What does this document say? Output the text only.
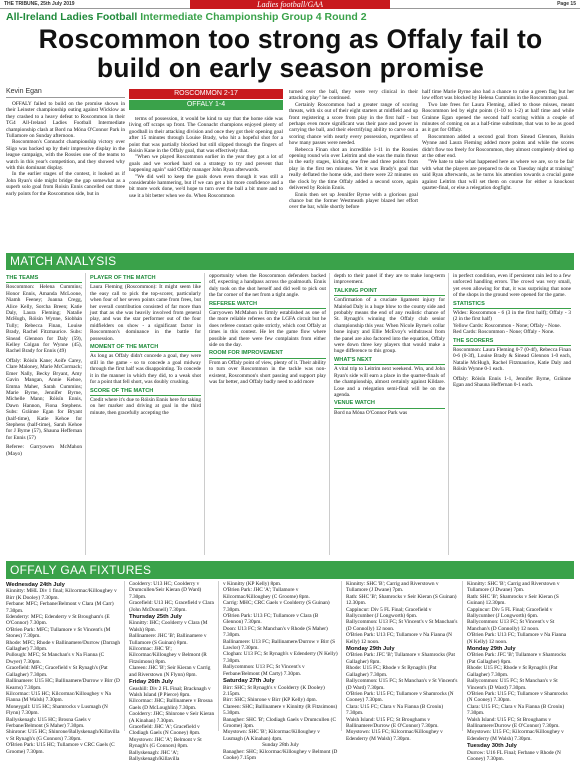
THE TRIBUNE, 25th July 2019	Ladies football/GAA	Page 15
All-Ireland Ladies Football Intermediate Championship Group 4 Round 2
Roscommon too strong as Offaly fail to build on early season promise
Kevin Egan

OFFALY failed to build on the promise shown in their Leinster championship outing against Wicklow as they crashed to a heavy defeat to Roscommon in their TG4 All-Ireland Ladies Football Intermediate championship clash at Bord na Móna O'Connor Park in Tullamore on Sunday afternoon.

Roscommon's Connacht championship victory over Sligo was backed up by their impressive display in the league campaign, with the Rossies one of the teams to watch in this year's competition, and they showed why with this dominant display.

In the earlier stages of the contest, it looked as if John Ryan's side might bridge the gap somewhat as a superb solo goal from Roisin Ennis cancelled out three early points for the Roscommon side, but in

ROSCOMMON 2-17
OFFALY 1-4

terms of possession, it would be kind to say that the home side was living off scraps up front. The Connacht champions enjoyed plenty of goodball in their attacking division and once they got their opening goal after 15 minutes through Louise Brady, who hit a hopeful shot for a point that was partially blocked but still slipped through the fingers of Roisin Kane in the Offaly goal, that was effectively that.

"When we played Roscommon earlier in the year they got a lot of goals and we worked hard on a strategy to try and prevent that happening again" said Offaly manager John Ryan afterwards.

"We did well to keep the goals down even though it was still a considerable hammering, but if we can get a bit more confidence and a bit more work done, we'd hope to turn over the ball a bit more and to use it a bit better when we do. When Roscommon

turned over the ball, they were very clinical in their attacking play" he continued.

Certainly Roscommon had a greater range of scoring threats, with six out of their eight starters at midfield and up front registering a score from play in the first half - but perhaps even more significant was their pace and power in carrying the ball, and their electrifying ability to carve out a scoring chance with nearly every possession, regardless of how many passes were needed.

Rebecca Finan shot an incredible 1-11 in the Rossies opening round win over Leitrim and she was the main threat in the early stages, kicking one free and three points from play in the first ten minutes. Yet it was Brady's goal that really deflated the home side, and there were 22 minutes on the clock by the time Offaly added a second score, again delivered by Roisin Ennis.

Ennis then set up Jennifer Byrne with a glorious goal chance but the former Westmeath player blazed her effort over the bar, while shortly before

half time Marie Byrne also had a chance to raise a green flag but her low effort was blocked by Helena Cummins in the Roscommon goal.

Two late frees for Laura Fleming, allied to those misses, meant Roscommon led by eight points (1-10 to 1-2) at half time and while Grainne Egan opened the second half scoring within a couple of minutes of coming on as a half-time substitute, that was to be as good as it got for Offaly.

Roscommon added a second goal from Sinead Glennon, Roisin Wynne and Laura Fleming added more points and while the scores didn't flow too freely for Roscommon, they almost completely dried up at the other end.

"We hate to take what happened here as where we are, so to be fair with what the players are prepared to do on Tuesday night at training" said Ryan afterwards, as he turns his attention towards a crucial game against Leitrim that will set them on course for either a knockout quarter-final, or else a relegation dogfight.

MATCH ANALYSIS
THE TEAMS

Roscommon: Helena Cummins; Honor Ennis, Amanda McLoone, Niamh Feeney; Joanna Cregg, Alice Kelly, Sorcha Breen; Katie Daly, Laura Fleming; Natalie McHugh, Róisín Wynne, Siobhán Tully; Rebecca Finan, Louise Brady, Rachel Fitzmaurice. Subs: Sinead Glennon for Daly (59), Kelley Colgan for Wynne (45), Rachel Brady for Ennis (49)

Offaly: Róisín Kane; Aoife Carey, Clare Maloney, Marie McCormack; Emer Nally, Becky Bryant, Amy Gavin Mangan, Annie Kehoe, Emma Maher, Sarah Cummins; Marie Byrne, Jennifer Byrne, Michelle Mann; Róisín Ennis, Dawn Hannon, Fiona Stephens. Subs: Gráinne Egan for Bryant (half-time), Katie Kehoe for Stephens (half-time), Sarah Kehoe for J Byrne (57), Shauna Heffernan for Ennis (57)

Referee: Garryowen McMahon (Mayo)

PLAYER OF THE MATCH

Laura Fleming (Roscommon): It might seem like the easy call to pick the top-scorer, particularly when four of her seven points came from frees, but her overall contribution consisted of far more than just that as she was heavily involved from general play, and was the star performer out of the four midfielders on show - a significant factor in Roscommon's dominance in the battle for possession.

MOMENT OF THE MATCH

As long as Offaly didn't concede a goal, they were still in the game - so to concede a goal midway through the first half was disappointing. To concede it in the manner in which they did, to a weak shot for a point that fell short, was doubly crushing.

SCORE OF THE MATCH

Credit where it's due to Róisín Ennis here for taking on her marker and driving at goal in the third minute, then gracefully accepting the

opportunity when the Roscommon defenders backed off, expecting a handpass across the goalmouth. Ennis duly took on the shot herself and did well to pick out the far corner of the net from a tight angle.

REFEREE WATCH

Garryowen McMahon is firmly established as one of the more reliable referees on the LGFA circuit but he does referee contact quite strictly, which cost Offaly at times in this contest. He let the game flow where possible and there were few complaints from either side on the day.

ROOM FOR IMPROVEMENT

From an Offaly point of view, plenty of it. Their ability to turn over Roscommon in the tackle was non-existent, Roscommon's short passing and support play was far better, and Offaly badly need to add more

depth to their panel if they are to make long-term improvement.

TALKING POINT

Confirmation of a cruciate ligament injury for Mairéad Daly is a huge blow to the county side and probably means the end of any realistic chance of St. Rynagh's winning the Offaly club senior championship this year. When Nicole Byrne's collar bone injury and Ellie McEvoy's withdrawal from the panel are also factored into the equation, Offaly were down three key players that would make a huge difference to this group.

WHAT'S NEXT

A vital trip to Leitrim next weekend. Win, and John Ryan's side will earn a place in the quarter-finals of the championship, almost certainly against Kildare. Lose and a relegation semi-final will be on the agenda.

VENUE WATCH

Bord na Móna O'Connor Park was

in perfect condition, even if persistent rain led to a few unforced handling errors. The crowd was very small, yet even allowing for that, it was surprising that none of the shops in the ground were opened for the game.

STATISTICS

Wides: Roscommon - 6 (3 in the first half); Offaly - 3 (2 in the first half)

Yellow Cards: Roscommon - None; Offaly - None.

Red Cards: Roscommon - None; Offaly - None.

THE SCORERS

Roscommon: Laura Fleming 0-7 (0-4f), Rebecca Finan 0-6 (0-3f), Louise Brady & Sinead Glennon 1-0 each, Natalie McHugh, Rachel Fitzmaurice, Katie Daly and Róisín Wynne 0-1 each.

Offaly: Róisín Ennis 1-1, Jennifer Byrne, Gráinne Egan and Shauna Heffernan 0-1 each.

OFFALY GAA FIXTURES
Wednesday 24th July
Kinnitty: MHL Div 1 final; Kilcormac/Killoughey v Birr (K Dooley) 7.30pm.
Ferbane: MFC; Ferbane/Belmont v Clara (M Carr) 7.30pm.
Edenderry: MFC; Edenderry v St Brougham's (E O'Connor) 7.30pm.
O'Brien Park: MFC; Tullamore v St Vincent's (M Stones) 7.30pm.
Rhode: MFC; Rhode v Ballinamere/Durrow (Darragh Gallagher) 7.30pm.
Pullough: MFC; St Manchan's v Na Fianna (C Dwyer) 7.30pm.
Gracefield: MFC; Gracefield v St Rynagh's (Pat Gallagher) 7.30pm.
Ballinamere: U15 HC; Ballinamere/Durrow v Birr (D Kearns) 7.30pm.
Kilcormac: U15 HC; Kilcormac/Killoughey v Na Fianna (M Walsh) 7.30pm.
Moneygall: U15 HC; Shamrocks v Lusmagh (N Flynn) 7.30pm.
Ballyskenagh: U15 HC; Brosna Gaels v Ferbane/Belmont (S Maher) 7.30pm.
Shinrone: U15 HC; Shinrone/Ballyskenagh/Killavilla v St Rynagh's (G Connors) 7.30pm.
O'Brien Park: U15 HC; Tullamore v CRC Gaels (C Groome) 7.30pm.
Coolderry: U13 HC; Coolderry v Drumcullen/Seir Kieran (D Ward) 7.30pm.
Gracefield: U13 HC; Gracefield v Clara (John McDonnell) 7.30pm.
Thursday 25th July
Kinnitty: IHC; Coolderry v Clara (M Walsh) 8pm.
Ballinamere: JHC 'B'; Ballinamere v Tullamore (S Guinan) 8pm.
Kilcormac: JHC 'B'; Kilcormac/Killoughey v Belmont (R Fitzsimons) 8pm.
Clareen: JHC 'B'; Seir Kieran v Carrig and Riverstown (N Flynn) 8pm.
Friday 26th July
Geashill: Div 2 FL Final; Bracknagh v Walsh Island (P Pierce) 8pm.
Kilcormac: JHC; Ballinamere v Brosna Gaels (D McLoughlin) 7.30pm.
Coolderry: JHC; Shinrone v Seir Kieran (A Kinahan) 7.30pm.
Gracefield: JHC 'A'; Gracefield v Clodiagh Gaels (N Cooney) 8pm.
Moystown: JHC 'A'; Belmont v St Rynagh's (G Connors) 8pm.
Ballyskenagh: JHC 'A'; Ballyskenagh/Killavilla
v Kinnitty (KP Kelly) 8pm.
O'Brien Park: JHC 'A'; Tullamore v Kilcormac/Killoughey (C Groome) 8pm.
Carrig: MHC; CRC Gaels v Coolderry (S Guinan) 7.30pm.
O'Brien Park: U13 FC; Tullamore v Clara (B Glennon) 7.30pm.
Doon: U13 FC; St Manchan's v Rhode (S Maher) 7.30pm.
Ballinamere: U13 FC; Ballinamere/Durrow v Birr (S Lawlor) 7.30pm.
Cloghan: U13 FC; St Rynagh's v Edenderry (N Kelly) 7.30pm.
Ballycommon: U13 FC; St Vincent's v Ferbane/Belmont (M Carty) 7.30pm.
Saturday 27th July
Birr: SHC; St Rynagh's v Coolderry (K Dooley) 2.15pm.
Birr: SHC; Shinrone v Birr (KP Kelly) 4pm.
Clareen: SHC; Ballinamere v Kinnitty (R Fitzsimons) 5.30pm.
Banagher: SHC 'B'; Clodiagh Gaels v Drumcullen (C Groome) 3pm.
Moystown: SHC 'B'; Kilcormac/Killoughey v Lusmagh (A Kinahan) 4pm.
Sunday 28th July
Banagher: SHC; Kilcormac/Killoughey v Belmont (D Cooke) 7.15pm
Kinnitty: SHC 'B'; Carrig and Riverstown v Tullamore (J Dwane) 7pm.
Rath: SHC 'B'; Shamrocks v Seir Kieran (S Guinan) 12.30pm.
Cappincur: Div 5 FL Final; Gracefield v Ballycumber (J Longworth) 6pm.
Ballycommon: U13 FC; St Vincent's v St Manchan's (D Connolly) 12 noon.
O'Brien Park: U13 FC; Tullamore v Na Fianna (N Kelly) 12 noon.
Monday 29th July
O'Brien Park: JFC 'B'; Tullamore v Shamrocks (Pat Gallagher) 8pm.
Rhode: U15 FC; Rhode v St Rynagh's (Pat Gallagher) 7.30pm.
Ballycommon: U15 FC; St Manchan's v St Vincent's (D Ward) 7.30pm.
O'Brien Park: U15 FC; Tullamore v Shamrocks (N Cooney) 7.30pm.
Clara: U15 FC; Clara v Na Fianna (B Cronin) 7.30pm.
Walsh Island: U15 FC; St Broughams v Ballinamere/Durrow (E O'Connor) 7.30pm.
Moystown: U15 FC; Kilcormac/Killoughey v Edenderry (M Walsh) 7.30pm.
Kinnitty: SHC 'B'; Carrig and Riverstown v Tullamore (J Dwane) 7pm.
Rath: SHC 'B'; Shamrocks v Seir Kieran (S Guinan) 12.30pm.
Cappincur: Div 5 FL Final; Gracefield v Ballycumber (J Longworth) 6pm.
Ballycommon: U13 FC; St Vincent's v St Manchan's (D Connolly) 12 noon.
O'Brien Park: U13 FC; Tullamore v Na Fianna (N Kelly) 12 noon.
Monday 29th July
O'Brien Park: JFC 'B'; Tullamore v Shamrocks (Pat Gallagher) 8pm.
Rhode: U15 FC; Rhode v St Rynagh's (Pat Gallagher) 7.30pm.
Ballycommon: U15 FC; St Manchan's v St Vincent's (D Ward) 7.30pm.
O'Brien Park: U15 FC; Tullamore v Shamrocks (N Cooney) 7.30pm.
Clara: U15 FC; Clara v Na Fianna (B Cronin) 7.30pm.
Walsh Island: U15 FC; St Broughams v Ballinamere/Durrow (E O'Connor) 7.30pm.
Moystown: U15 FC; Kilcormac/Killoughey v Edenderry (M Walsh) 7.30pm.
Tuesday 30th July
Durrow: U16 FL Final; Ferbane v Rhode (N Cooney) 7.30pm.
